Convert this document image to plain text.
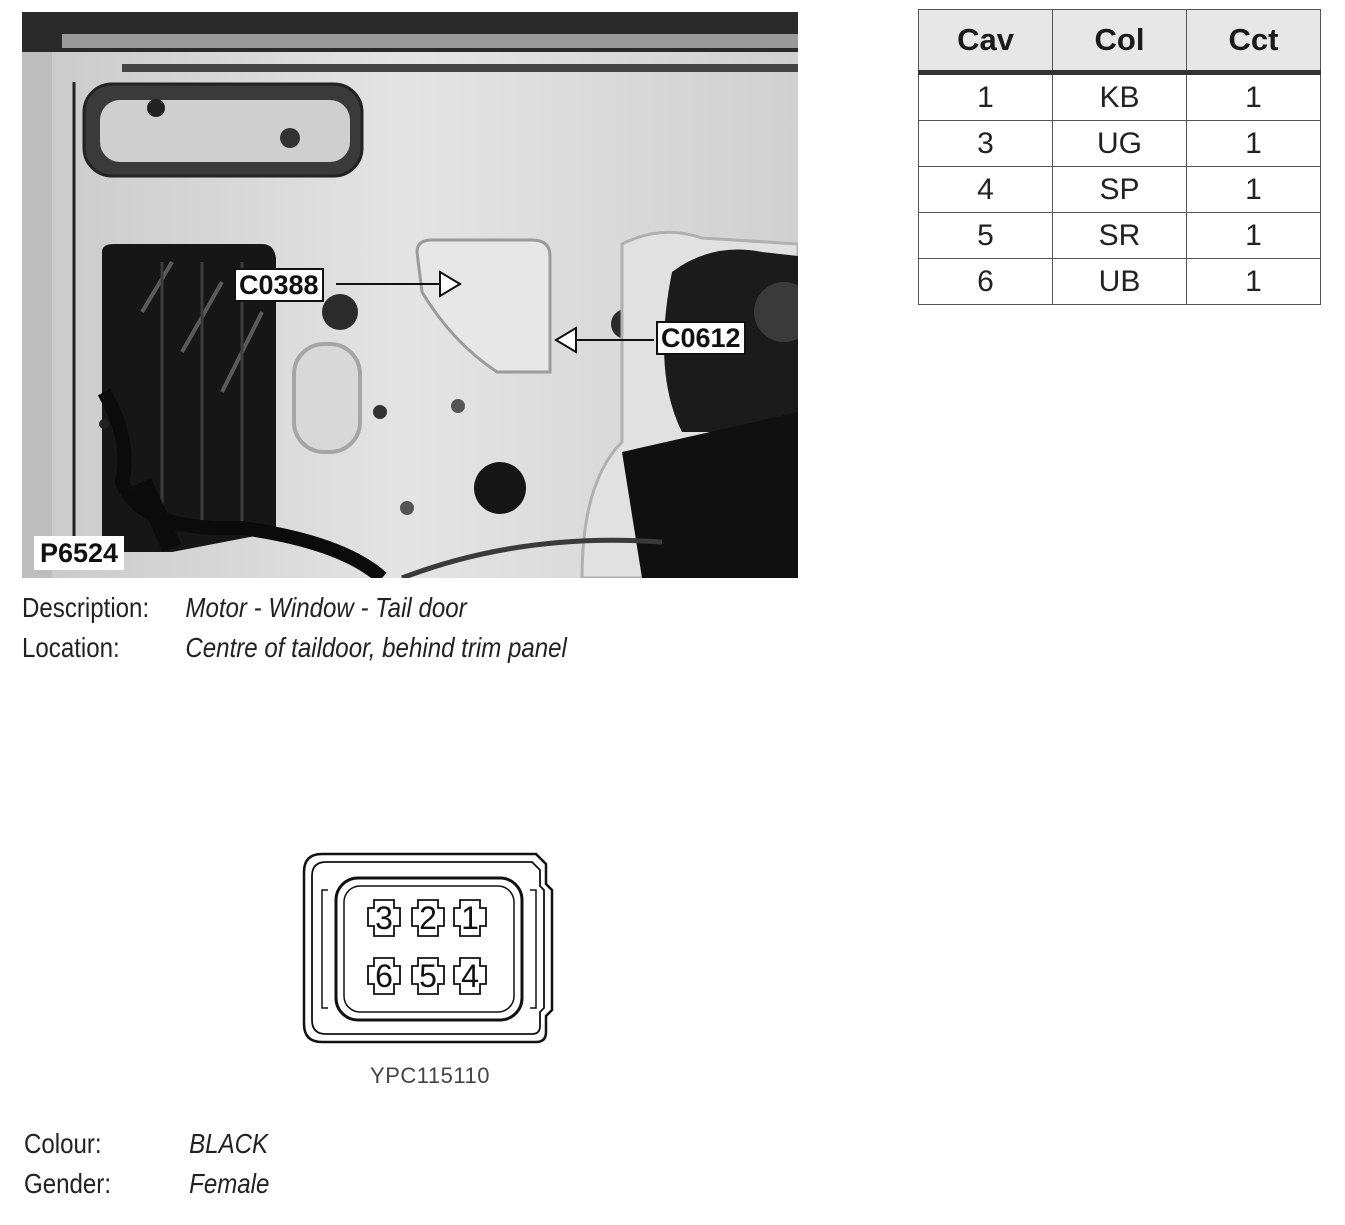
C0388
C0612
P6524
Description: Motor - Window - Tail door
Location: Centre of taildoor, behind trim panel
Cav	Col	Cct
1	KB	1
3	UG	1
4	SP	1
5	SR	1
6	UB	1
3 2 1
6 5 4
YPC115110
Colour:	BLACK
Gender:	Female
